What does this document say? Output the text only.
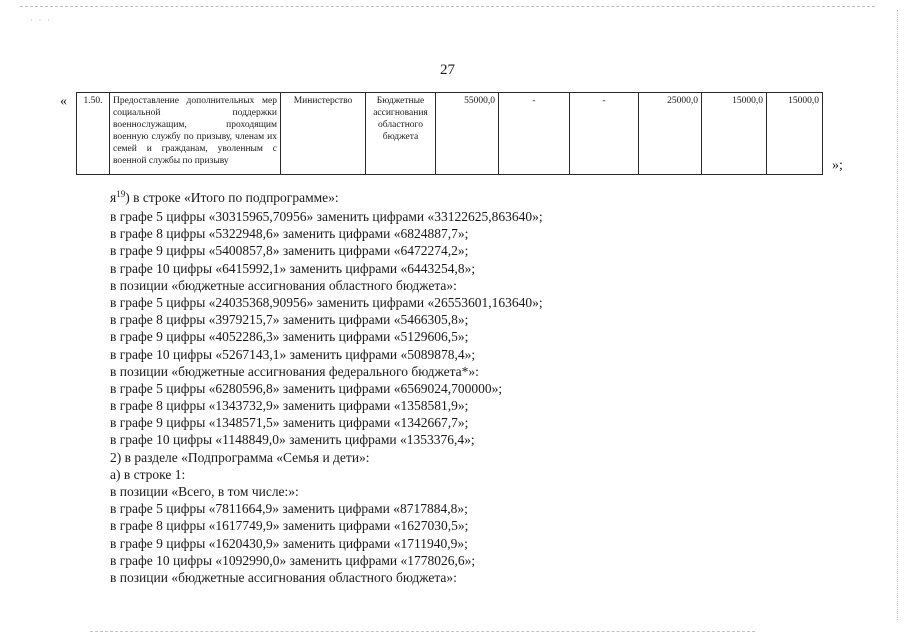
· · ·
27
« 1.50.	Предоставление дополнительных мер социальной поддержки военнослужащим, проходящим военную службу по призыву, членам их семей и гражданам, уволенным с военной службы по призыву	Министерство	Бюджетные ассигнования областного бюджета	55000,0	-	-	25000,0	15000,0	15000,0
»;
$я^{19}$) в строке «Итого по подпрограмме»:
в графе 5 цифры «30315965,70956» заменить цифрами «33122625,863640»;
в графе 8 цифры «5322948,6» заменить цифрами «6824887,7»;
в графе 9 цифры «5400857,8» заменить цифрами «6472274,2»;
в графе 10 цифры «6415992,1» заменить цифрами «6443254,8»;
в позиции «бюджетные ассигнования областного бюджета»:
в графе 5 цифры «24035368,90956» заменить цифрами «26553601,163640»;
в графе 8 цифры «3979215,7» заменить цифрами «5466305,8»;
в графе 9 цифры «4052286,3» заменить цифрами «5129606,5»;
в графе 10 цифры «5267143,1» заменить цифрами «5089878,4»;
в позиции «бюджетные ассигнования федерального бюджета*»:
в графе 5 цифры «6280596,8» заменить цифрами «6569024,700000»;
в графе 8 цифры «1343732,9» заменить цифрами «1358581,9»;
в графе 9 цифры «1348571,5» заменить цифрами «1342667,7»;
в графе 10 цифры «1148849,0» заменить цифрами «1353376,4»;
2) в разделе «Подпрограмма «Семья и дети»:
а) в строке 1:
в позиции «Всего, в том числе:»:
в графе 5 цифры «7811664,9» заменить цифрами «8717884,8»;
в графе 8 цифры «1617749,9» заменить цифрами «1627030,5»;
в графе 9 цифры «1620430,9» заменить цифрами «1711940,9»;
в графе 10 цифры «1092990,0» заменить цифрами «1778026,6»;
в позиции «бюджетные ассигнования областного бюджета»:
